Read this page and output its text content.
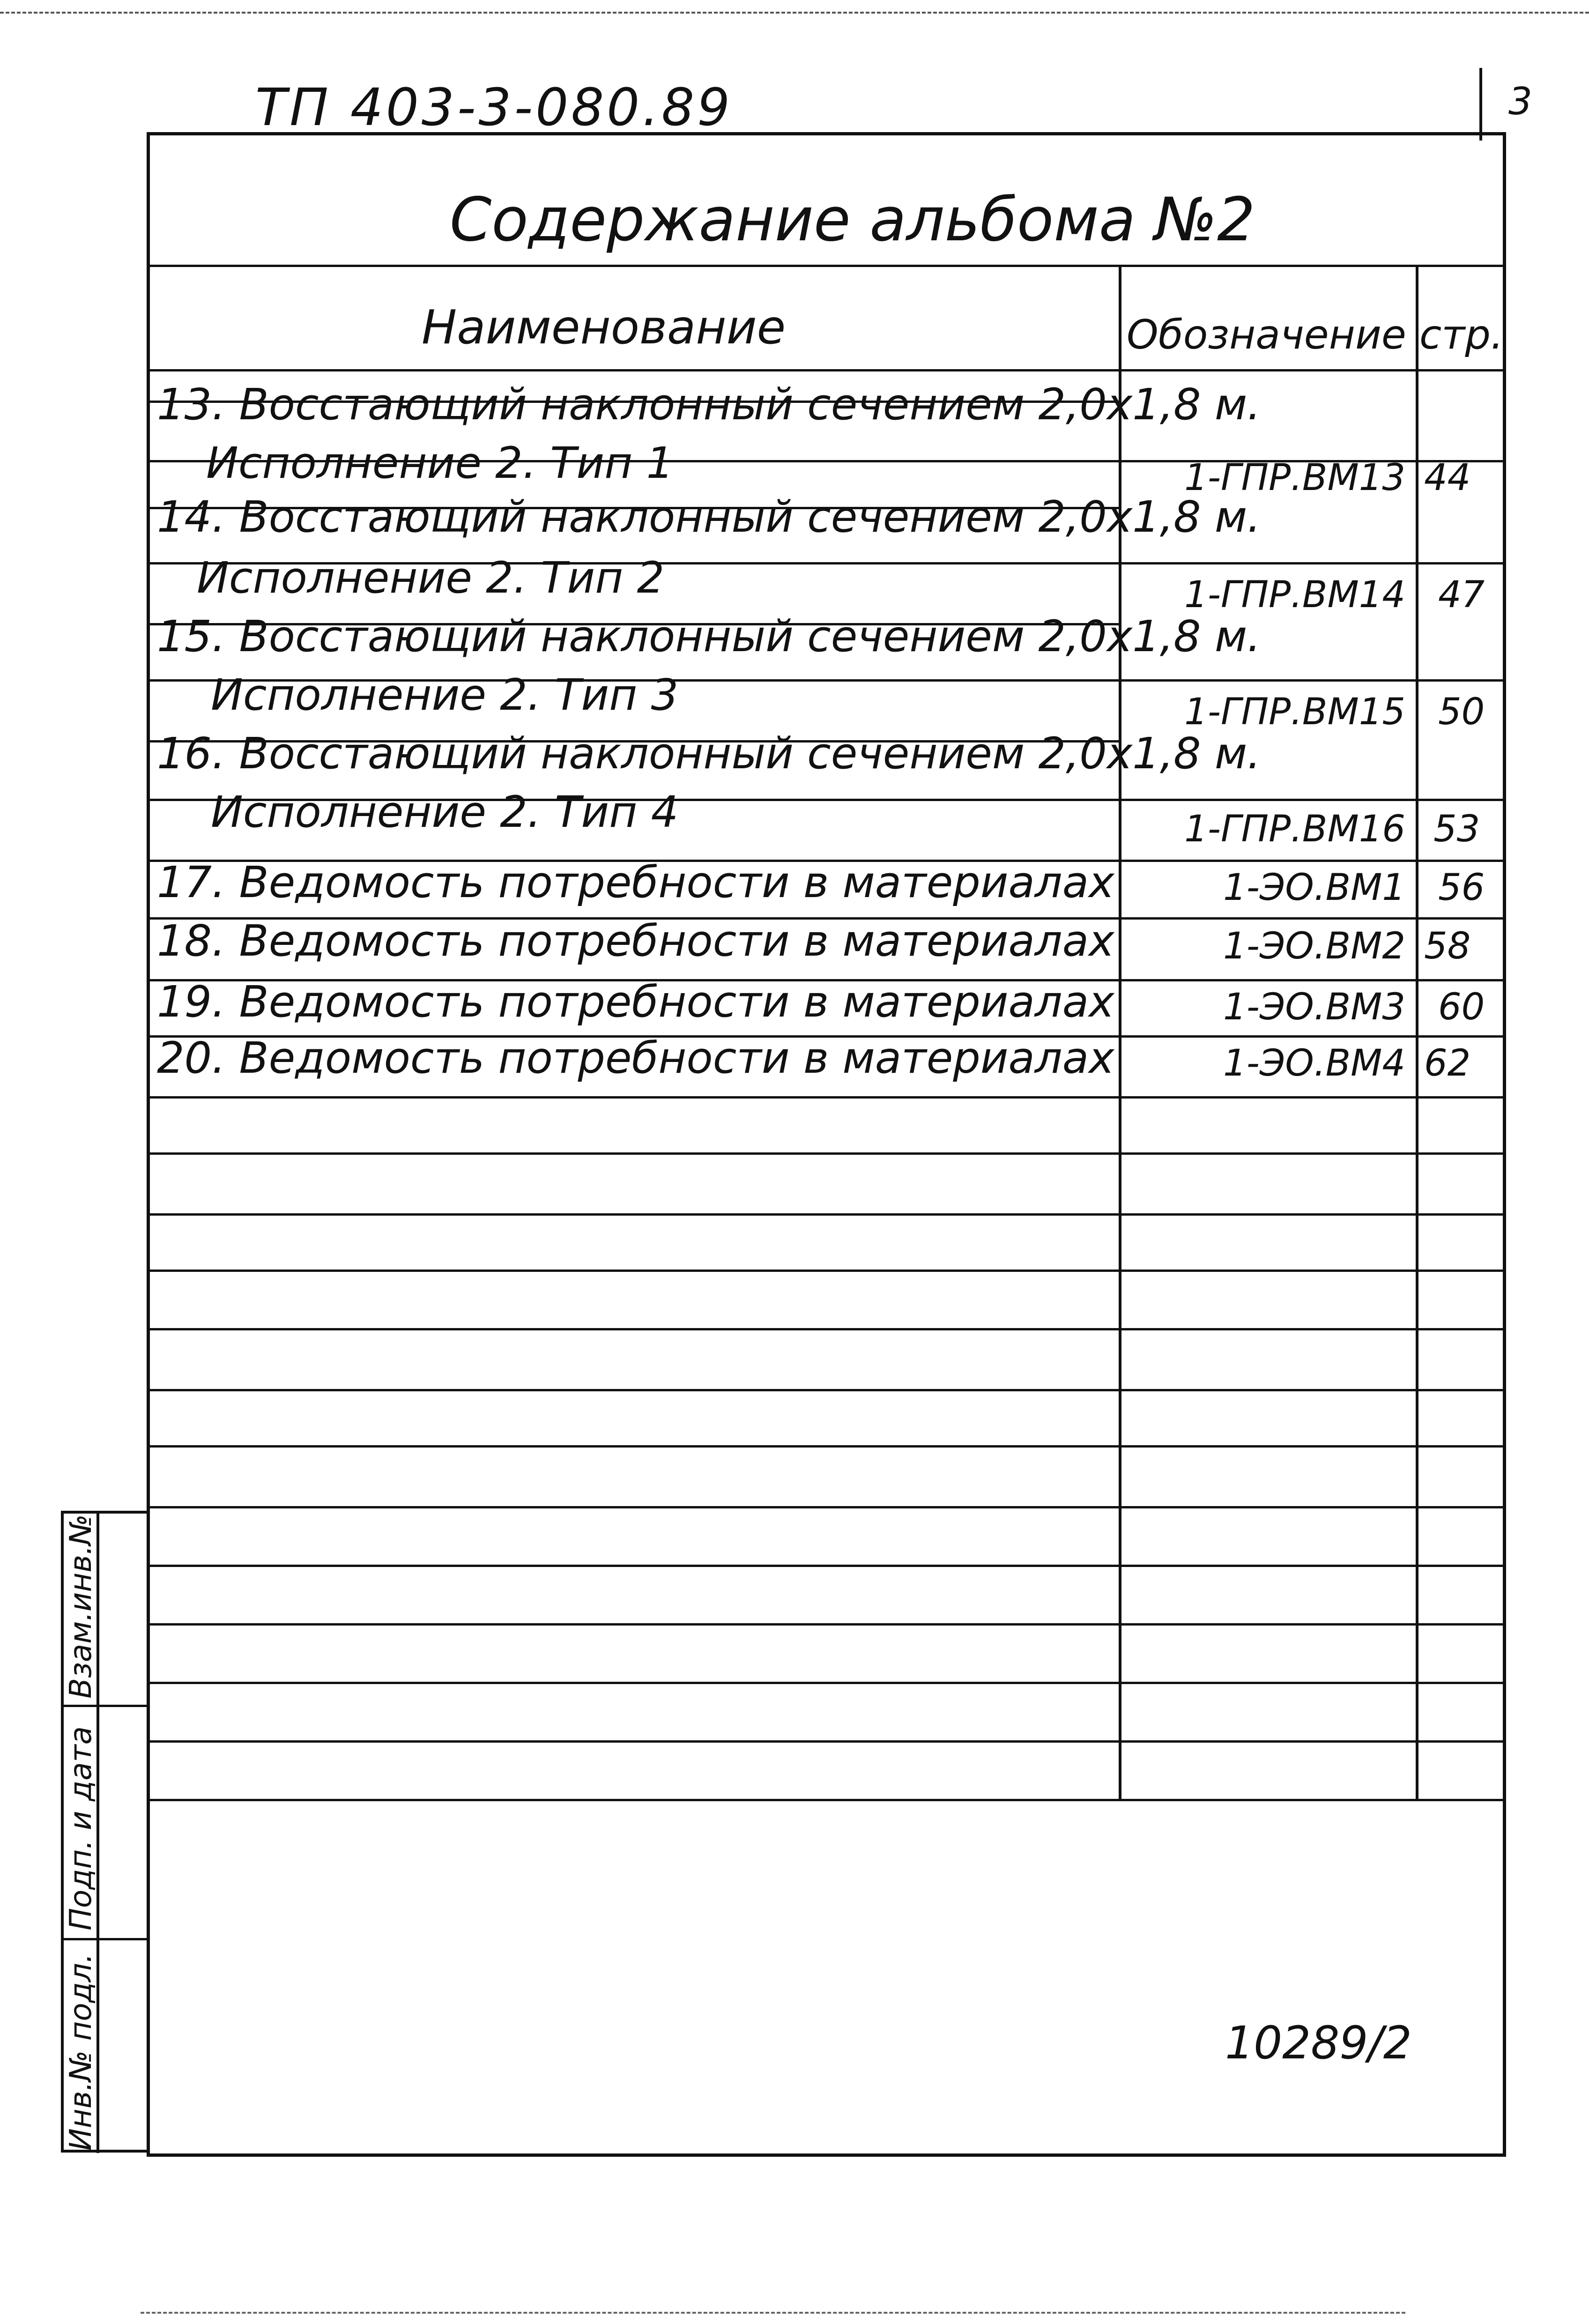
ТП 403-3-080.89	3
Содержание альбома №2
Наименование	Обозначение стр.
13. Восстающий наклонный сечением 2,0х1,8 м.
Исполнение 2. Тип 1	1-ГПР.ВМ13 44
14. Восстающий наклонный сечением 2,0х1,8 м.
Исполнение 2. Тип 2	1-ГПР.ВМ14 47
15. Восстающий наклонный сечением 2,0х1,8 м.
Исполнение 2. Тип 3	1-ГПР.ВМ15 50
16. Восстающий наклонный сечением 2,0х1,8 м.
Исполнение 2. Тип 4	1-ГПР.ВМ16 53
17. Ведомость потребности в материалах	1-ЭО.ВМ1 56
18. Ведомость потребности в материалах	1-ЭО.ВМ2 58
19. Ведомость потребности в материалах	1-ЭО.ВМ3 60
20. Ведомость потребности в материалах	1-ЭО.ВМ4 62
Взам.инв.№
Подп. и дата
Инв.№ подл.	10289/2
